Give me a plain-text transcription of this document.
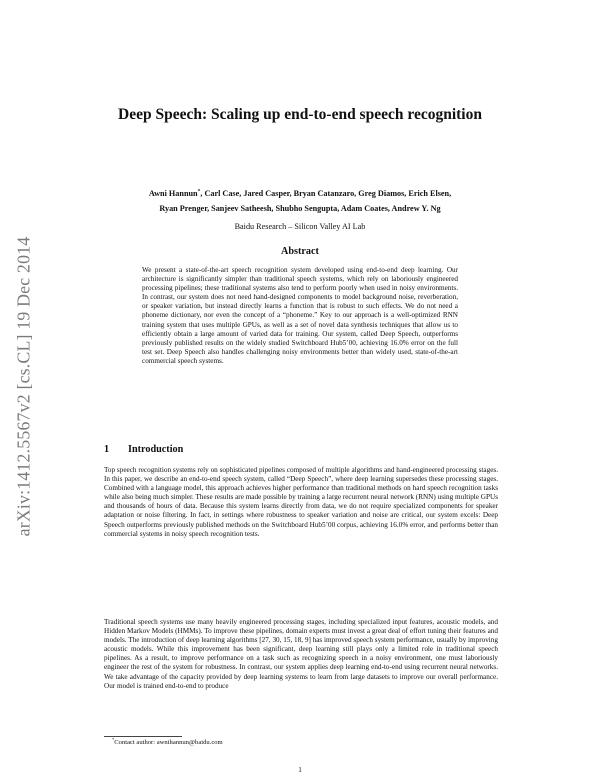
arXiv:1412.5567v2 [cs.CL] 19 Dec 2014
Deep Speech: Scaling up end-to-end speech recognition
Awni Hannun*, Carl Case, Jared Casper, Bryan Catanzaro, Greg Diamos, Erich Elsen,
Ryan Prenger, Sanjeev Satheesh, Shubho Sengupta, Adam Coates, Andrew Y. Ng
Baidu Research – Silicon Valley AI Lab
Abstract

We present a state-of-the-art speech recognition system developed using end-to-end deep learning. Our architecture is significantly simpler than traditional speech systems, which rely on laboriously engineered processing pipelines; these traditional systems also tend to perform poorly when used in noisy environments. In contrast, our system does not need hand-designed components to model background noise, reverberation, or speaker variation, but instead directly learns a function that is robust to such effects. We do not need a phoneme dictionary, nor even the concept of a “phoneme.” Key to our approach is a well-optimized RNN training system that uses multiple GPUs, as well as a set of novel data synthesis techniques that allow us to efficiently obtain a large amount of varied data for training. Our system, called Deep Speech, outperforms previously published results on the widely studied Switchboard Hub5’00, achieving 16.0% error on the full test set. Deep Speech also handles challenging noisy environments better than widely used, state-of-the-art commercial speech systems.

1 Introduction

Top speech recognition systems rely on sophisticated pipelines composed of multiple algorithms and hand-engineered processing stages. In this paper, we describe an end-to-end speech system, called “Deep Speech”, where deep learning supersedes these processing stages. Combined with a language model, this approach achieves higher performance than traditional methods on hard speech recognition tasks while also being much simpler. These results are made possible by training a large recurrent neural network (RNN) using multiple GPUs and thousands of hours of data. Because this system learns directly from data, we do not require specialized components for speaker adaptation or noise filtering. In fact, in settings where robustness to speaker variation and noise are critical, our system excels: Deep Speech outperforms previously published methods on the Switchboard Hub5’00 corpus, achieving 16.0% error, and performs better than commercial systems in noisy speech recognition tests.

Traditional speech systems use many heavily engineered processing stages, including specialized input features, acoustic models, and Hidden Markov Models (HMMs). To improve these pipelines, domain experts must invest a great deal of effort tuning their features and models. The introduction of deep learning algorithms [27, 30, 15, 18, 9] has improved speech system performance, usually by improving acoustic models. While this improvement has been significant, deep learning still plays only a limited role in traditional speech pipelines. As a result, to improve performance on a task such as recognizing speech in a noisy environment, one must laboriously engineer the rest of the system for robustness. In contrast, our system applies deep learning end-to-end using recurrent neural networks. We take advantage of the capacity provided by deep learning systems to learn from large datasets to improve our overall performance. Our model is trained end-to-end to produce

*Contact author: awnihannun@baidu.com
1
